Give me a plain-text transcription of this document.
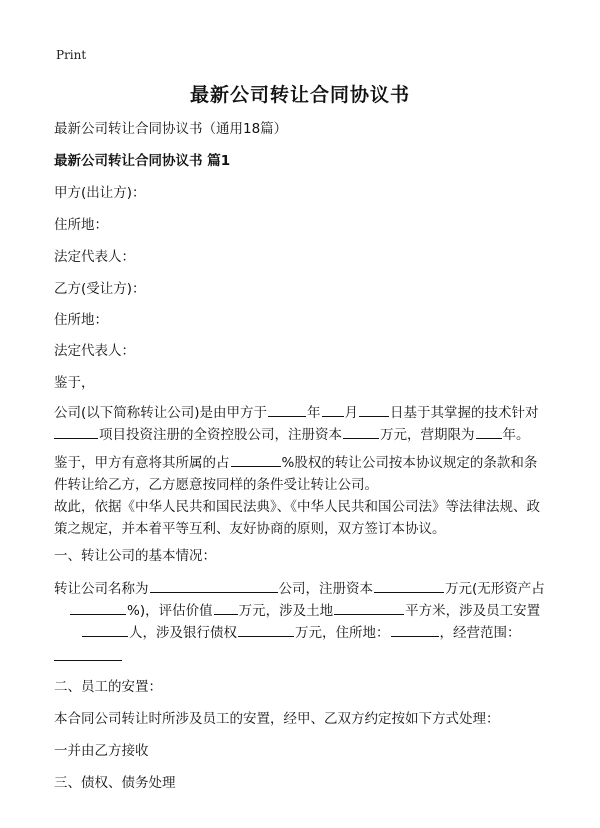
Print
最新公司转让合同协议书
最新公司转让合同协议书（通用18篇）
最新公司转让合同协议书 篇1
甲方(出让方)：
住所地：
法定代表人：
乙方(受让方)：
住所地：
法定代表人：
鉴于，
公司(以下简称转让公司)是由甲方于	年 月 日基于其掌握的技术针对
项目投资注册的全资控股公司，注册资本	万元，营期限为 年。
鉴于，甲方有意将其所属的占	%股权的转让公司按本协议规定的条款和条件转让给乙方，乙方愿意按同样的条件受让转让公司。
故此，依据《中华人民共和国民法典》、《中华人民共和国公司法》等法律法规、政策之规定，并本着平等互利、友好协商的原则，双方签订本协议。
一、转让公司的基本情况：
转让公司名称为	公司，注册资本	万元(无形资产占
%)，评估价值 万元，涉及土地	平方米，涉及员工安置
人，涉及银行债权	万元，住所地：	，经营范围：
二、员工的安置：
本合同公司转让时所涉及员工的安置，经甲、乙双方约定按如下方式处理：
一并由乙方接收
三、债权、债务处理
